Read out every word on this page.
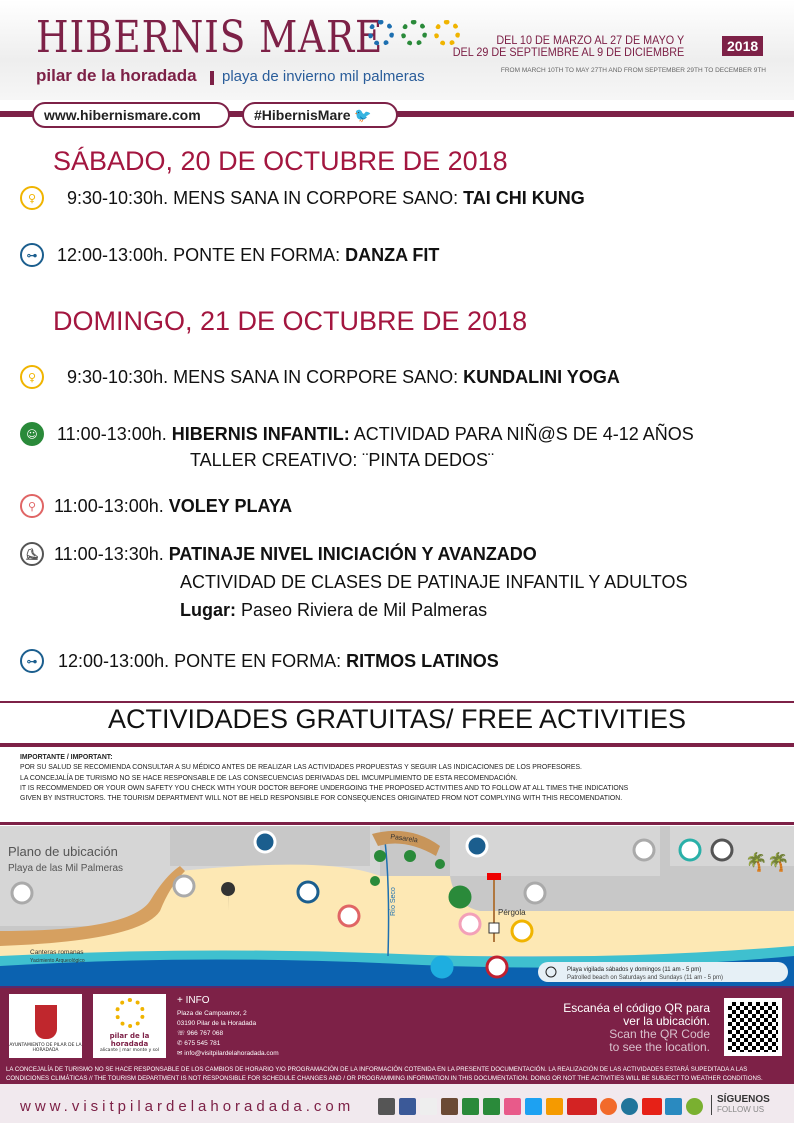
HIBERNIS MARE
pilar de la horadada playa de invierno mil palmeras
DEL 10 DE MARZO AL 27 DE MAYO Y
DEL 29 DE SEPTIEMBRE AL 9 DE DICIEMBRE	2018
FROM MARCH 10TH TO MAY 27TH AND FROM SEPTEMBER 29TH TO DECEMBER 9TH
www.hibernismare.com	#HibernisMare 🐦
SÁBADO, 20 DE OCTUBRE DE 2018
♀	9:30-10:30h. MENS SANA IN CORPORE SANO: TAI CHI KUNG
⊶	12:00-13:00h. PONTE EN FORMA: DANZA FIT
DOMINGO, 21 DE OCTUBRE DE 2018
♀	9:30-10:30h. MENS SANA IN CORPORE SANO: KUNDALINI YOGA
☺	11:00-13:00h. HIBERNIS INFANTIL: ACTIVIDAD PARA NIÑ@S DE 4-12 AÑOS
TALLER CREATIVO: ¨PINTA DEDOS¨
⚲ 11:00-13:00h. VOLEY PLAYA
⛸ 11:00-13:30h. PATINAJE NIVEL INICIACIÓN Y AVANZADO
ACTIVIDAD DE CLASES DE PATINAJE INFANTIL Y ADULTOS
Lugar: Paseo Riviera de Mil Palmeras
⊶	12:00-13:00h. PONTE EN FORMA: RITMOS LATINOS
ACTIVIDADES GRATUITAS/ FREE ACTIVITIES
IMPORTANTE / IMPORTANT:
POR SU SALUD SE RECOMIENDA CONSULTAR A SU MÉDICO ANTES DE REALIZAR LAS ACTIVIDADES PROPUESTAS Y SEGUIR LAS INDICACIONES DE LOS PROFESORES.
LA CONCEJALÍA DE TURISMO NO SE HACE RESPONSABLE DE LAS CONSECUENCIAS DERIVADAS DEL IMCUMPLIMIENTO DE ESTA RECOMENDACIÓN.
IT IS RECOMMENDED OR YOUR OWN SAFETY YOU CHECK WITH YOUR DOCTOR BEFORE UNDERGOING THE PROPOSED ACTIVITIES AND TO FOLLOW AT ALL TIMES THE INDICATIONS
GIVEN BY INSTRUCTORS. THE TOURISM DEPARTMENT WILL NOT BE HELD RESPONSIBLE FOR CONSEQUENCES ORIGINATED FROM NOT COMPLYING WITH THIS RECOMENDATION.
🌴🌴
Plano de ubicación
Playa de las Mil Palmeras
Pasarela
Río Seco	Pérgola
Canteras romanas
Yacimiento Arqueológico
Playa vigilada sábados y domingos (11 am - 5 pm)
Patrolled beach on Saturdays and Sundays (11 am - 5 pm)
AYUNTAMIENTO DE PILAR DE LA HORADADA
pilar de la horadada
alicante | mar monte y sol
+ INFO
Plaza de Campoamor, 2
03190 Pilar de la Horadada
☏ 966 767 068
✆ 675 545 781
✉ info@visitpilardelahoradada.com
Escanéa el código QR para
ver la ubicación.
Scan the QR Code
to see the location.
LA CONCEJALÍA DE TURISMO NO SE HACE RESPONSABLE DE LOS CAMBIOS DE HORARIO Y/O PROGRAMACIÓN DE LA INFORMACIÓN COTENIDA EN LA PRESENTE DOCUMENTACIÓN. LA REALIZACIÓN DE LAS ACTIVIDADES ESTARÁ SUPEDITADA A LAS CONDICIONES CLIMÁTICAS // THE TOURISM DEPARTMENT IS NOT RESPONSIBLE FOR SCHEDULE CHANGES AND / OR PROGRAMMING INFORMATION IN THIS DOCUMENTATION. DOING OR NOT THE ACTIVITIES WILL BE SUBJECT TO WEATHER CONDITIONS.
www.visitpilardelahoradada.com	SÍGUENOS
FOLLOW US
